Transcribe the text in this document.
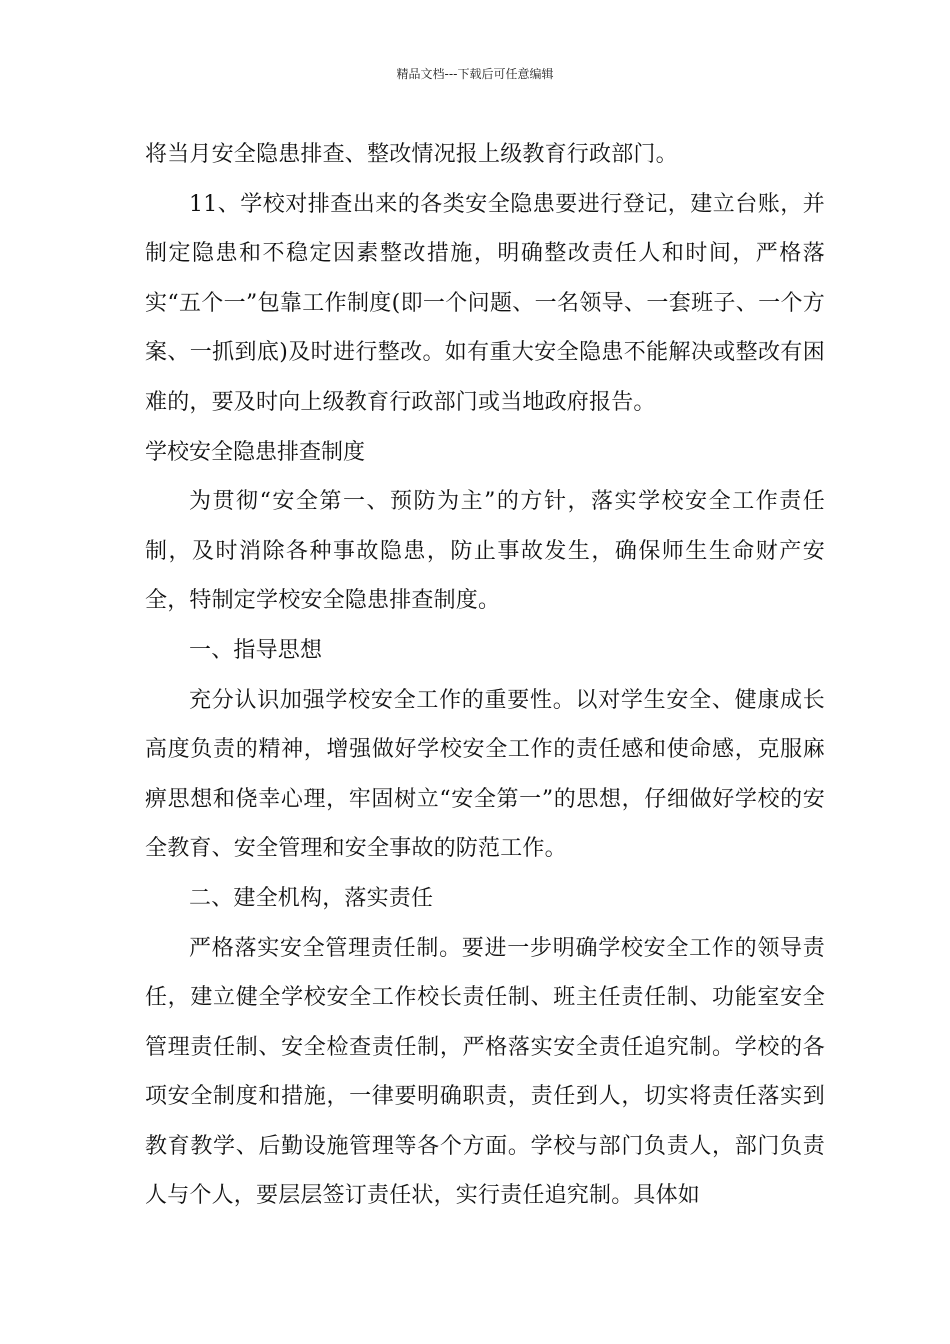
精品文档---下载后可任意编辑

将当月安全隐患排查、整改情况报上级教育行政部门。

11、学校对排查出来的各类安全隐患要进行登记，建立台账，并制定隐患和不稳定因素整改措施，明确整改责任人和时间，严格落实“五个一”包靠工作制度(即一个问题、一名领导、一套班子、一个方案、一抓到底)及时进行整改。如有重大安全隐患不能解决或整改有困难的，要及时向上级教育行政部门或当地政府报告。

学校安全隐患排查制度

为贯彻“安全第一、预防为主”的方针，落实学校安全工作责任制，及时消除各种事故隐患，防止事故发生，确保师生生命财产安全，特制定学校安全隐患排查制度。

一、指导思想

充分认识加强学校安全工作的重要性。以对学生安全、健康成长高度负责的精神，增强做好学校安全工作的责任感和使命感，克服麻痹思想和侥幸心理，牢固树立“安全第一”的思想，仔细做好学校的安全教育、安全管理和安全事故的防范工作。

二、建全机构，落实责任

严格落实安全管理责任制。要进一步明确学校安全工作的领导责任，建立健全学校安全工作校长责任制、班主任责任制、功能室安全管理责任制、安全检查责任制，严格落实安全责任追究制。学校的各项安全制度和措施，一律要明确职责，责任到人，切实将责任落实到教育教学、后勤设施管理等各个方面。学校与部门负责人，部门负责人与个人，要层层签订责任状，实行责任追究制。具体如
